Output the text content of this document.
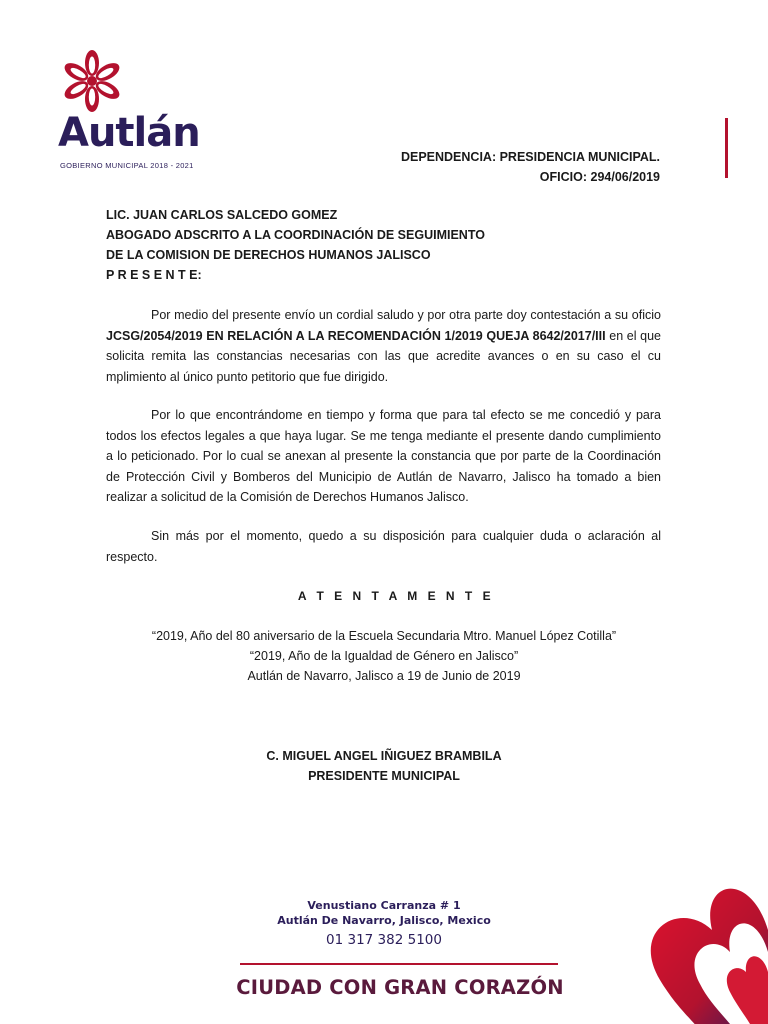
Autlán
GOBIERNO MUNICIPAL 2018 - 2021
DEPENDENCIA: PRESIDENCIA MUNICIPAL.
OFICIO: 294/06/2019
LIC. JUAN CARLOS SALCEDO GOMEZ
ABOGADO ADSCRITO A LA COORDINACIÓN DE SEGUIMIENTO
DE LA COMISION DE DERECHOS HUMANOS JALISCO
P R E S E N T E:
Por medio del presente envío un cordial saludo y por otra parte doy contestación a su oficio JCSG/2054/2019 EN RELACIÓN A LA RECOMENDACIÓN 1/2019 QUEJA 8642/2017/III en el que solicita remita las constancias necesarias con las que acredite avances o en su caso el cu mplimiento al único punto petitorio que fue dirigido.
Por lo que encontrándome en tiempo y forma que para tal efecto se me concedió y para todos los efectos legales a que haya lugar. Se me tenga mediante el presente dando cumplimiento a lo peticionado. Por lo cual se anexan al presente la constancia que por parte de la Coordinación de Protección Civil y Bomberos del Municipio de Autlán de Navarro, Jalisco ha tomado a bien realizar a solicitud de la Comisión de Derechos Humanos Jalisco.
Sin más por el momento, quedo a su disposición para cualquier duda o aclaración al respecto.
A T E N T A M E N T E
“2019, Año del 80 aniversario de la Escuela Secundaria Mtro. Manuel López Cotilla”
“2019, Año de la Igualdad de Género en Jalisco”
Autlán de Navarro, Jalisco a 19 de Junio de 2019
C. MIGUEL ANGEL IÑIGUEZ BRAMBILA
PRESIDENTE MUNICIPAL
Venustiano Carranza # 1
Autlán De Navarro, Jalisco, Mexico
01 317 382 5100
CIUDAD CON GRAN CORAZÓN
